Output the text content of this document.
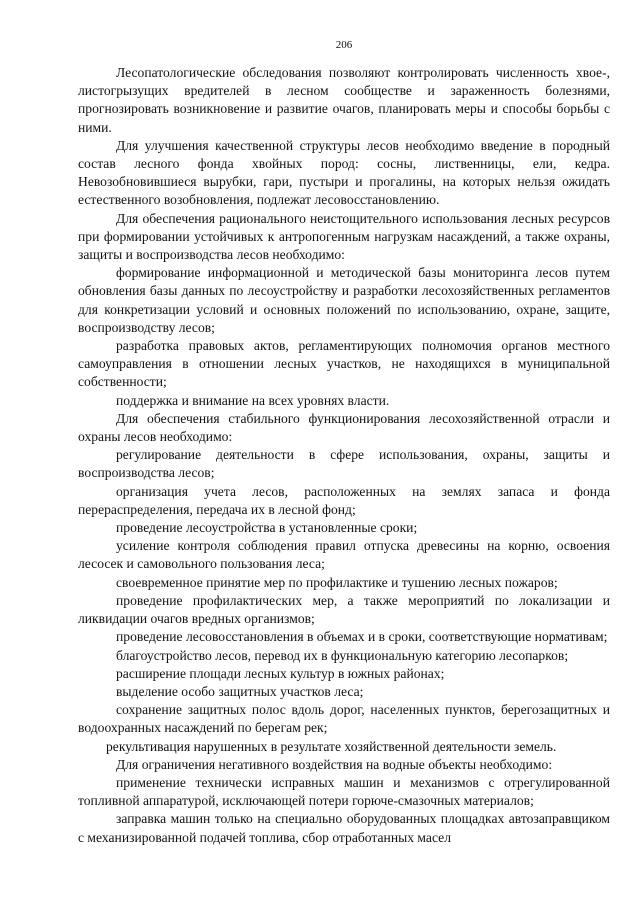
206

Лесопатологические обследования позволяют контролировать численность хвое-, листогрызущих вредителей в лесном сообществе и зараженность болезнями, прогнозировать возникновение и развитие очагов, планировать меры и способы борьбы с ними.

Для улучшения качественной структуры лесов необходимо введение в породный состав лесного фонда хвойных пород: сосны, лиственницы, ели, кедра. Невозобновившиеся вырубки, гари, пустыри и прогалины, на которых нельзя ожидать естественного возобновления, подлежат лесовосстановлению.

Для обеспечения рационального неистощительного использования лесных ресурсов при формировании устойчивых к антропогенным нагрузкам насаждений, а также охраны, защиты и воспроизводства лесов необходимо:

формирование информационной и методической базы мониторинга лесов путем обновления базы данных по лесоустройству и разработки лесохозяйственных регламентов для конкретизации условий и основных положений по использованию, охране, защите, воспроизводству лесов;

разработка правовых актов, регламентирующих полномочия органов местного самоуправления в отношении лесных участков, не находящихся в муниципальной собственности;

поддержка и внимание на всех уровнях власти.

Для обеспечения стабильного функционирования лесохозяйственной отрасли и охраны лесов необходимо:

регулирование деятельности в сфере использования, охраны, защиты и воспроизводства лесов;

организация учета лесов, расположенных на землях запаса и фонда перераспределения, передача их в лесной фонд;

проведение лесоустройства в установленные сроки;

усиление контроля соблюдения правил отпуска древесины на корню, освоения лесосек и самовольного пользования леса;

своевременное принятие мер по профилактике и тушению лесных пожаров;

проведение профилактических мер, а также мероприятий по локализации и ликвидации очагов вредных организмов;

проведение лесовосстановления в объемах и в сроки, соответствующие нормативам;

благоустройство лесов, перевод их в функциональную категорию лесопарков;

расширение площади лесных культур в южных районах;

выделение особо защитных участков леса;

сохранение защитных полос вдоль дорог, населенных пунктов, берегозащитных и водоохранных насаждений по берегам рек;

рекультивация нарушенных в результате хозяйственной деятельности земель.

Для ограничения негативного воздействия на водные объекты необходимо:

применение технически исправных машин и механизмов с отрегулированной топливной аппаратурой, исключающей потери горюче-смазочных материалов;

заправка машин только на специально оборудованных площадках автозаправщиком с механизированной подачей топлива, сбор отработанных масел
